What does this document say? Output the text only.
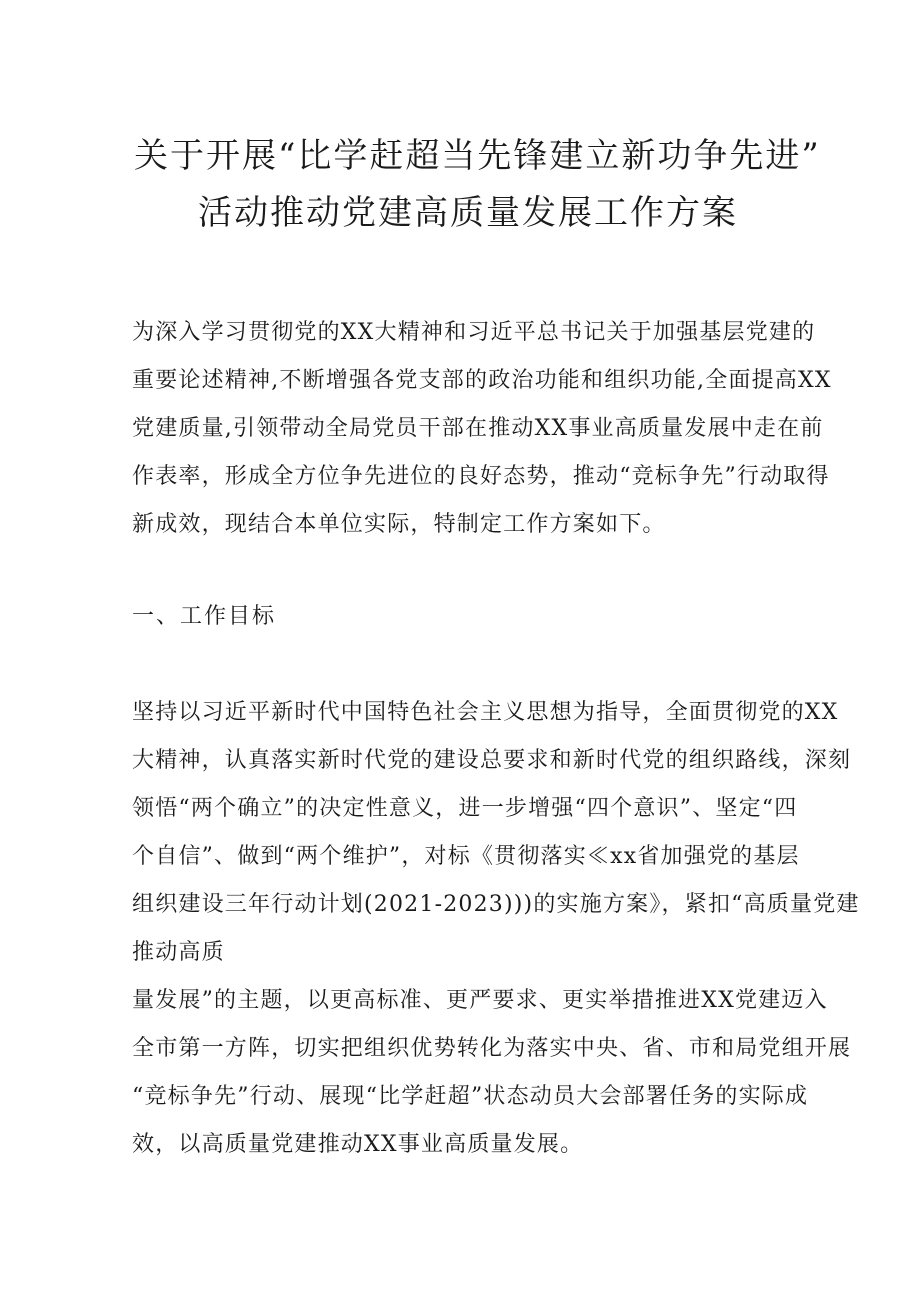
关于开展“比学赶超当先锋建立新功争先进”
活动推动党建高质量发展工作方案
为深入学习贯彻党的XX大精神和习近平总书记关于加强基层党建的
重要论述精神,不断增强各党支部的政治功能和组织功能,全面提高XX
党建质量,引领带动全局党员干部在推动XX事业高质量发展中走在前
作表率，形成全方位争先进位的良好态势，推动“竞标争先”行动取得
新成效，现结合本单位实际，特制定工作方案如下。
一、工作目标
坚持以习近平新时代中国特色社会主义思想为指导，全面贯彻党的XX
大精神，认真落实新时代党的建设总要求和新时代党的组织路线，深刻
领悟“两个确立”的决定性意义，进一步增强“四个意识”、坚定“四
个自信”、做到“两个维护”，对标《贯彻落实≪xx省加强党的基层
组织建设三年行动计划(2021-2023)))的实施方案》，紧扣“高质量党建
推动高质
量发展”的主题，以更高标准、更严要求、更实举措推进XX党建迈入
全市第一方阵，切实把组织优势转化为落实中央、省、市和局党组开展
“竞标争先”行动、展现“比学赶超”状态动员大会部署任务的实际成
效，以高质量党建推动XX事业高质量发展。
